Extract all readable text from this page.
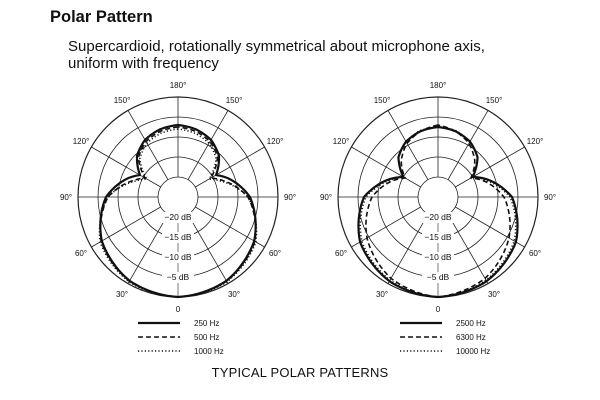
Polar Pattern
Supercardioid, rotationally symmetrical about microphone axis,
uniform with frequency
0
30°
60°
90°
120°
150°
180°
150°
120°
90°
60°
30°
−20 dB
−15 dB
−10 dB
−5 dB
250 Hz
500 Hz
1000 Hz
0
30°
60°
90°
120°
150°
180°
150°
120°
90°
60°
30°
−20 dB
−15 dB
−10 dB
−5 dB
2500 Hz
6300 Hz
10000 Hz
TYPICAL POLAR PATTERNS
